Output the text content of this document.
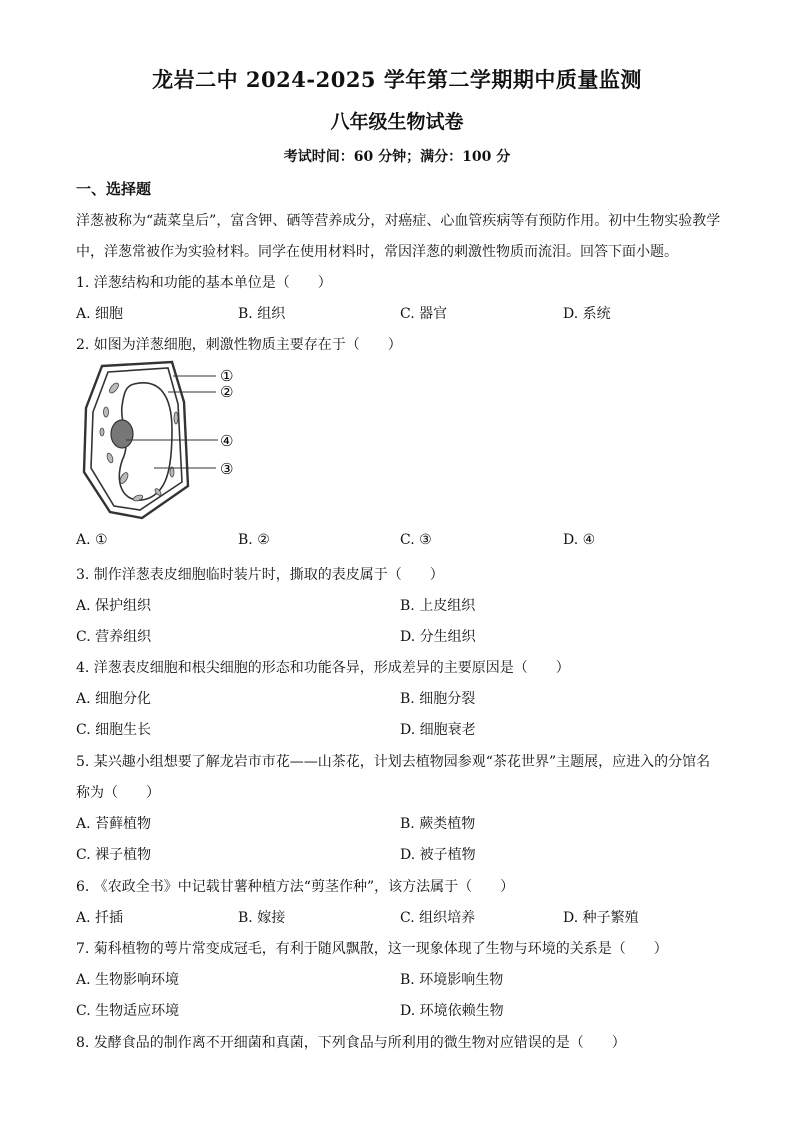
龙岩二中 2024-2025 学年第二学期期中质量监测
八年级生物试卷
考试时间：60 分钟；满分：100 分
一、选择题
洋葱被称为“蔬菜皇后”，富含钾、硒等营养成分，对癌症、心血管疾病等有预防作用。初中生物实验教学
中，洋葱常被作为实验材料。同学在使用材料时，常因洋葱的刺激性物质而流泪。回答下面小题。
1. 洋葱结构和功能的基本单位是（　　）
A. 细胞	B. 组织	C. 器官	D. 系统
2. 如图为洋葱细胞，刺激性物质主要存在于（　　）
①
②
④
③
A. ①	B. ②	C. ③	D. ④
3. 制作洋葱表皮细胞临时装片时，撕取的表皮属于（　　）
A. 保护组织	B. 上皮组织
C. 营养组织	D. 分生组织
4. 洋葱表皮细胞和根尖细胞的形态和功能各异，形成差异的主要原因是（　　）
A. 细胞分化	B. 细胞分裂
C. 细胞生长	D. 细胞衰老
5. 某兴趣小组想要了解龙岩市市花——山茶花，计划去植物园参观“茶花世界”主题展，应进入的分馆名
称为（　　）
A. 苔藓植物	B. 蕨类植物
C. 裸子植物	D. 被子植物
6. 《农政全书》中记载甘薯种植方法“剪茎作种”，该方法属于（　　）
A. 扦插	B. 嫁接	C. 组织培养	D. 种子繁殖
7. 菊科植物的萼片常变成冠毛，有利于随风飘散，这一现象体现了生物与环境的关系是（　　）
A. 生物影响环境	B. 环境影响生物
C. 生物适应环境	D. 环境依赖生物
8. 发酵食品的制作离不开细菌和真菌，下列食品与所利用的微生物对应错误的是（　　）
